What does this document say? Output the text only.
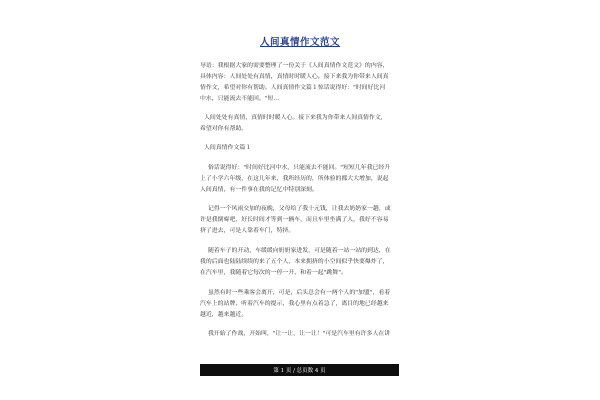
人间真情作文范文
导语：我根据大家的需要整理了一份关于《人间真情作文范文》的内容，
具体内容：人间处处有真情，真情时时暖人心。接下来我为你带来人间真
情作文，希望对你有帮助。人间真情作文篇１惊话说得好："时间好比河
中水，只能流去不能回。"短...
人间处处有真情，真情时时暖人心。接下来我为你带来人间真情作文，
希望对你有帮助。
人间真情作文篇１
俗话说得好："时间好比河中水，只能流去不能回。"短短几年我已经升
上了小学六年级，在这几年来，我所经历的，所体验的都大大增加，说起
人间真情，有一件事在我的记忆中特别深刻。
记得一个风雨交加的夜晚，父母给了我十元钱，让我去奶奶家一趟，或
许是我倒霉吧，好长时间才等到一辆车，而且车里坐满了人，我好不容易
挤了进去，可是人靠着车门，特挤。
随着车子的开动，车缓缓向奶奶家进发，可是随着一站一站的到达，在
我的后面也陆陆续续的来了五个人，本来拥挤的小空间似乎快要爆炸了，
在汽车里，我随着它每次的一停一开，和着一起"跳舞"。
虽然有时一些乘客会离开，可是，后头总会有一两个人的"加盟"，看着
汽车上的站牌，听着汽车的提示，我心里有点着急了，离目的地已经越来
越近，越来越近。
我开始了作战，开始叫，"让一让，让一让！"可是汽车里有许多人在讲
第 1 页 / 总页数 4 页
